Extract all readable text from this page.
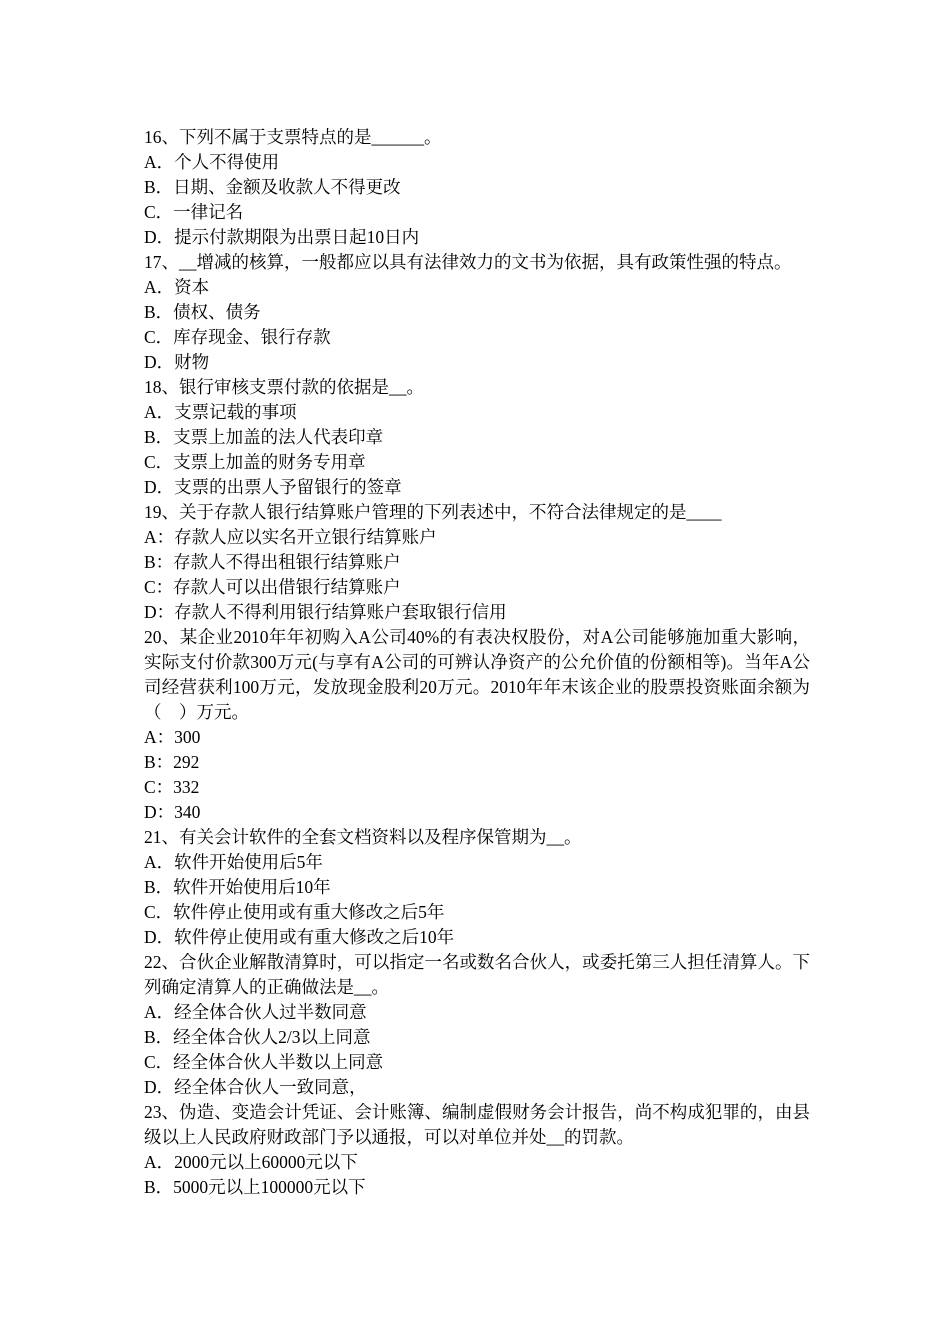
16、下列不属于支票特点的是______。

A．个人不得使用

B．日期、金额及收款人不得更改

C．一律记名

D．提示付款期限为出票日起10日内

17、__增减的核算，一般都应以具有法律效力的文书为依据，具有政策性强的特点。

A．资本

B．债权、债务

C．库存现金、银行存款

D．财物

18、银行审核支票付款的依据是__。

A．支票记载的事项

B．支票上加盖的法人代表印章

C．支票上加盖的财务专用章

D．支票的出票人予留银行的签章

19、关于存款人银行结算账户管理的下列表述中，不符合法律规定的是____

A：存款人应以实名开立银行结算账户

B：存款人不得出租银行结算账户

C：存款人可以出借银行结算账户

D：存款人不得利用银行结算账户套取银行信用

20、某企业2010年年初购入A公司40%的有表决权股份，对A公司能够施加重大影响，实际支付价款300万元(与享有A公司的可辨认净资产的公允价值的份额相等)。当年A公司经营获利100万元，发放现金股利20万元。2010年年末该企业的股票投资账面余额为（　）万元。

A：300

B：292

C：332

D：340

21、有关会计软件的全套文档资料以及程序保管期为__。

A．软件开始使用后5年

B．软件开始使用后10年

C．软件停止使用或有重大修改之后5年

D．软件停止使用或有重大修改之后10年

22、合伙企业解散清算时，可以指定一名或数名合伙人，或委托第三人担任清算人。下列确定清算人的正确做法是__。

A．经全体合伙人过半数同意

B．经全体合伙人2/3以上同意

C．经全体合伙人半数以上同意

D．经全体合伙人一致同意，

23、伪造、变造会计凭证、会计账簿、编制虚假财务会计报告，尚不构成犯罪的，由县级以上人民政府财政部门予以通报，可以对单位并处__的罚款。

A．2000元以上60000元以下

B．5000元以上100000元以下
